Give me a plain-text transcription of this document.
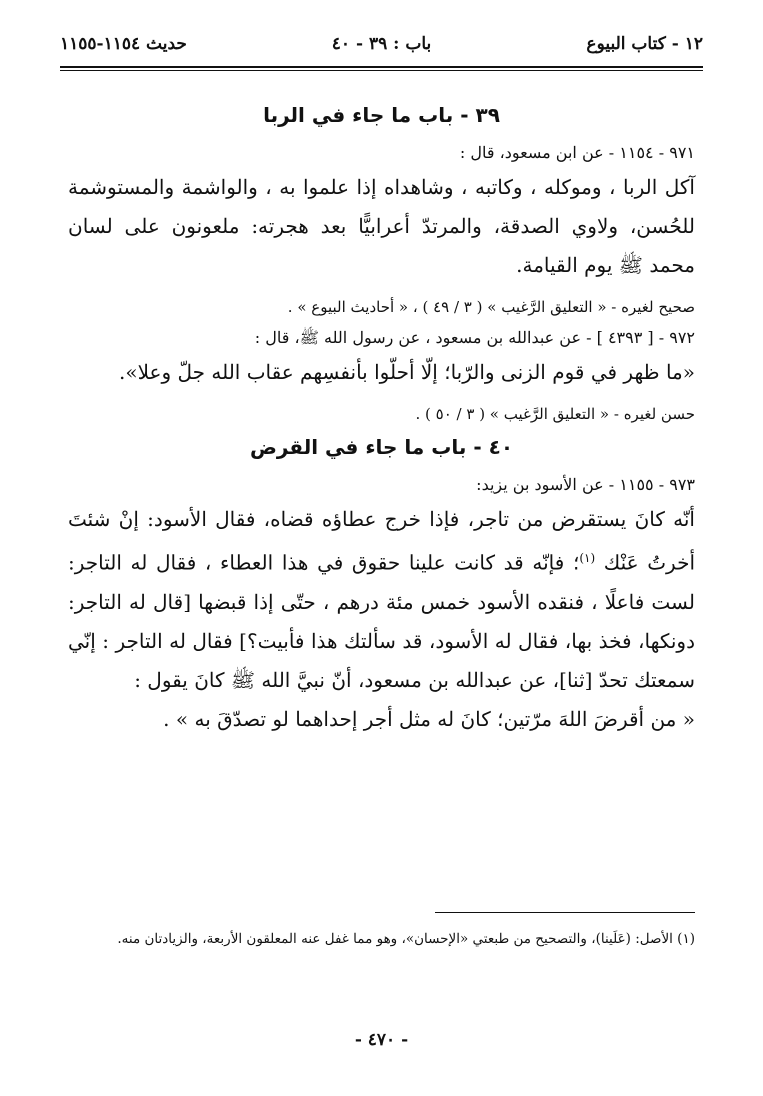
١٢ - كتاب البيوع
باب : ٣٩ - ٤٠
حديث ١١٥٤-١١٥٥
٣٩ - باب ما جاء في الربا

٩٧١ - ١١٥٤ - عن ابن مسعود، قال :

آكل الربا ، وموكله ، وكاتبه ، وشاهداه إذا علموا به ، والواشمة والمستوشمة للحُسن، ولاوي الصدقة، والمرتدّ أعرابيًّا بعد هجرته: ملعونون على لسان محمد ﷺ يوم القيامة.

صحيح لغيره - « التعليق الرَّغيب » ( ٣ / ٤٩ ) ، « أحاديث البيوع » .

٩٧٢ - [ ٤٣٩٣ ] - عن عبدالله بن مسعود ، عن رسول الله ﷺ، قال :

«ما ظهر في قوم الزنى والرّبا؛ إلّا أحلّوا بأنفسِهم عقاب الله جلّ وعلا».

حسن لغيره - « التعليق الرَّغيب » ( ٣ / ٥٠ ) .

٤٠ - باب ما جاء في القرض

٩٧٣ - ١١٥٥ - عن الأسود بن يزيد:

أنّه كانَ يستقرض من تاجر، فإذا خرج عطاؤه قضاه، فقال الأسود: إنْ شئتَ أخرتُ عَنْك $^{(١)}$؛ فإنّه قد كانت علينا حقوق في هذا العطاء ، فقال له التاجر: لست فاعلًا ، فنقده الأسود خمس مئة درهم ، حتّى إذا قبضها [قال له التاجر: دونكها، فخذ بها، فقال له الأسود، قد سألتك هذا فأبيت؟] فقال له التاجر : إنّي سمعتك تحدّ [ثنا]، عن عبدالله بن مسعود، أنّ نبيَّ الله ﷺ كانَ يقول :

« من أقرضَ اللهَ مرّتين؛ كانَ له مثل أجر إحداهما لو تصدّقَ به » .

(١) الأصل: (عَلَينا)، والتصحيح من طبعتي «الإحسان»، وهو مما غفل عنه المعلقون الأربعة، والزيادتان منه.
- ٤٧٠ -
